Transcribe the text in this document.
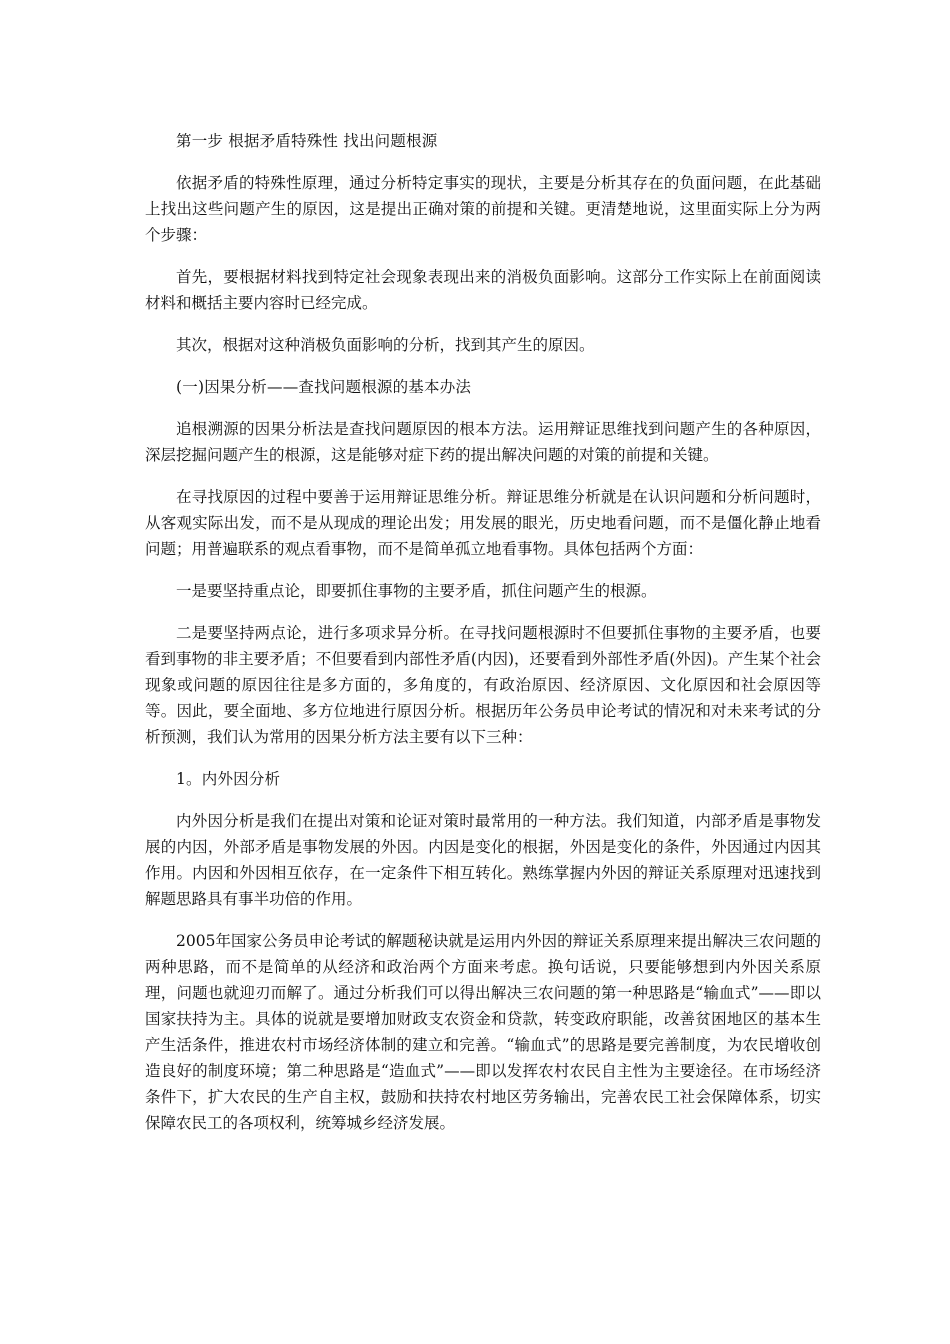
第一步 根据矛盾特殊性 找出问题根源

依据矛盾的特殊性原理，通过分析特定事实的现状，主要是分析其存在的负面问题，在此基础上找出这些问题产生的原因，这是提出正确对策的前提和关键。更清楚地说，这里面实际上分为两个步骤：

首先，要根据材料找到特定社会现象表现出来的消极负面影响。这部分工作实际上在前面阅读材料和概括主要内容时已经完成。

其次，根据对这种消极负面影响的分析，找到其产生的原因。

(一)因果分析——查找问题根源的基本办法

追根溯源的因果分析法是查找问题原因的根本方法。运用辩证思维找到问题产生的各种原因，深层挖掘问题产生的根源，这是能够对症下药的提出解决问题的对策的前提和关键。

在寻找原因的过程中要善于运用辩证思维分析。辩证思维分析就是在认识问题和分析问题时，从客观实际出发，而不是从现成的理论出发；用发展的眼光，历史地看问题，而不是僵化静止地看问题；用普遍联系的观点看事物，而不是简单孤立地看事物。具体包括两个方面：

一是要坚持重点论，即要抓住事物的主要矛盾，抓住问题产生的根源。

二是要坚持两点论，进行多项求异分析。在寻找问题根源时不但要抓住事物的主要矛盾，也要看到事物的非主要矛盾；不但要看到内部性矛盾(内因)，还要看到外部性矛盾(外因)。产生某个社会现象或问题的原因往往是多方面的，多角度的，有政治原因、经济原因、文化原因和社会原因等等。因此，要全面地、多方位地进行原因分析。根据历年公务员申论考试的情况和对未来考试的分析预测，我们认为常用的因果分析方法主要有以下三种：

1。内外因分析

内外因分析是我们在提出对策和论证对策时最常用的一种方法。我们知道，内部矛盾是事物发展的内因，外部矛盾是事物发展的外因。内因是变化的根据，外因是变化的条件，外因通过内因其作用。内因和外因相互依存，在一定条件下相互转化。熟练掌握内外因的辩证关系原理对迅速找到解题思路具有事半功倍的作用。

2005年国家公务员申论考试的解题秘诀就是运用内外因的辩证关系原理来提出解决三农问题的两种思路，而不是简单的从经济和政治两个方面来考虑。换句话说，只要能够想到内外因关系原理，问题也就迎刃而解了。通过分析我们可以得出解决三农问题的第一种思路是“输血式”——即以国家扶持为主。具体的说就是要增加财政支农资金和贷款，转变政府职能，改善贫困地区的基本生产生活条件，推进农村市场经济体制的建立和完善。“输血式”的思路是要完善制度，为农民增收创造良好的制度环境；第二种思路是“造血式”——即以发挥农村农民自主性为主要途径。在市场经济条件下，扩大农民的生产自主权，鼓励和扶持农村地区劳务输出，完善农民工社会保障体系，切实保障农民工的各项权利，统筹城乡经济发展。
